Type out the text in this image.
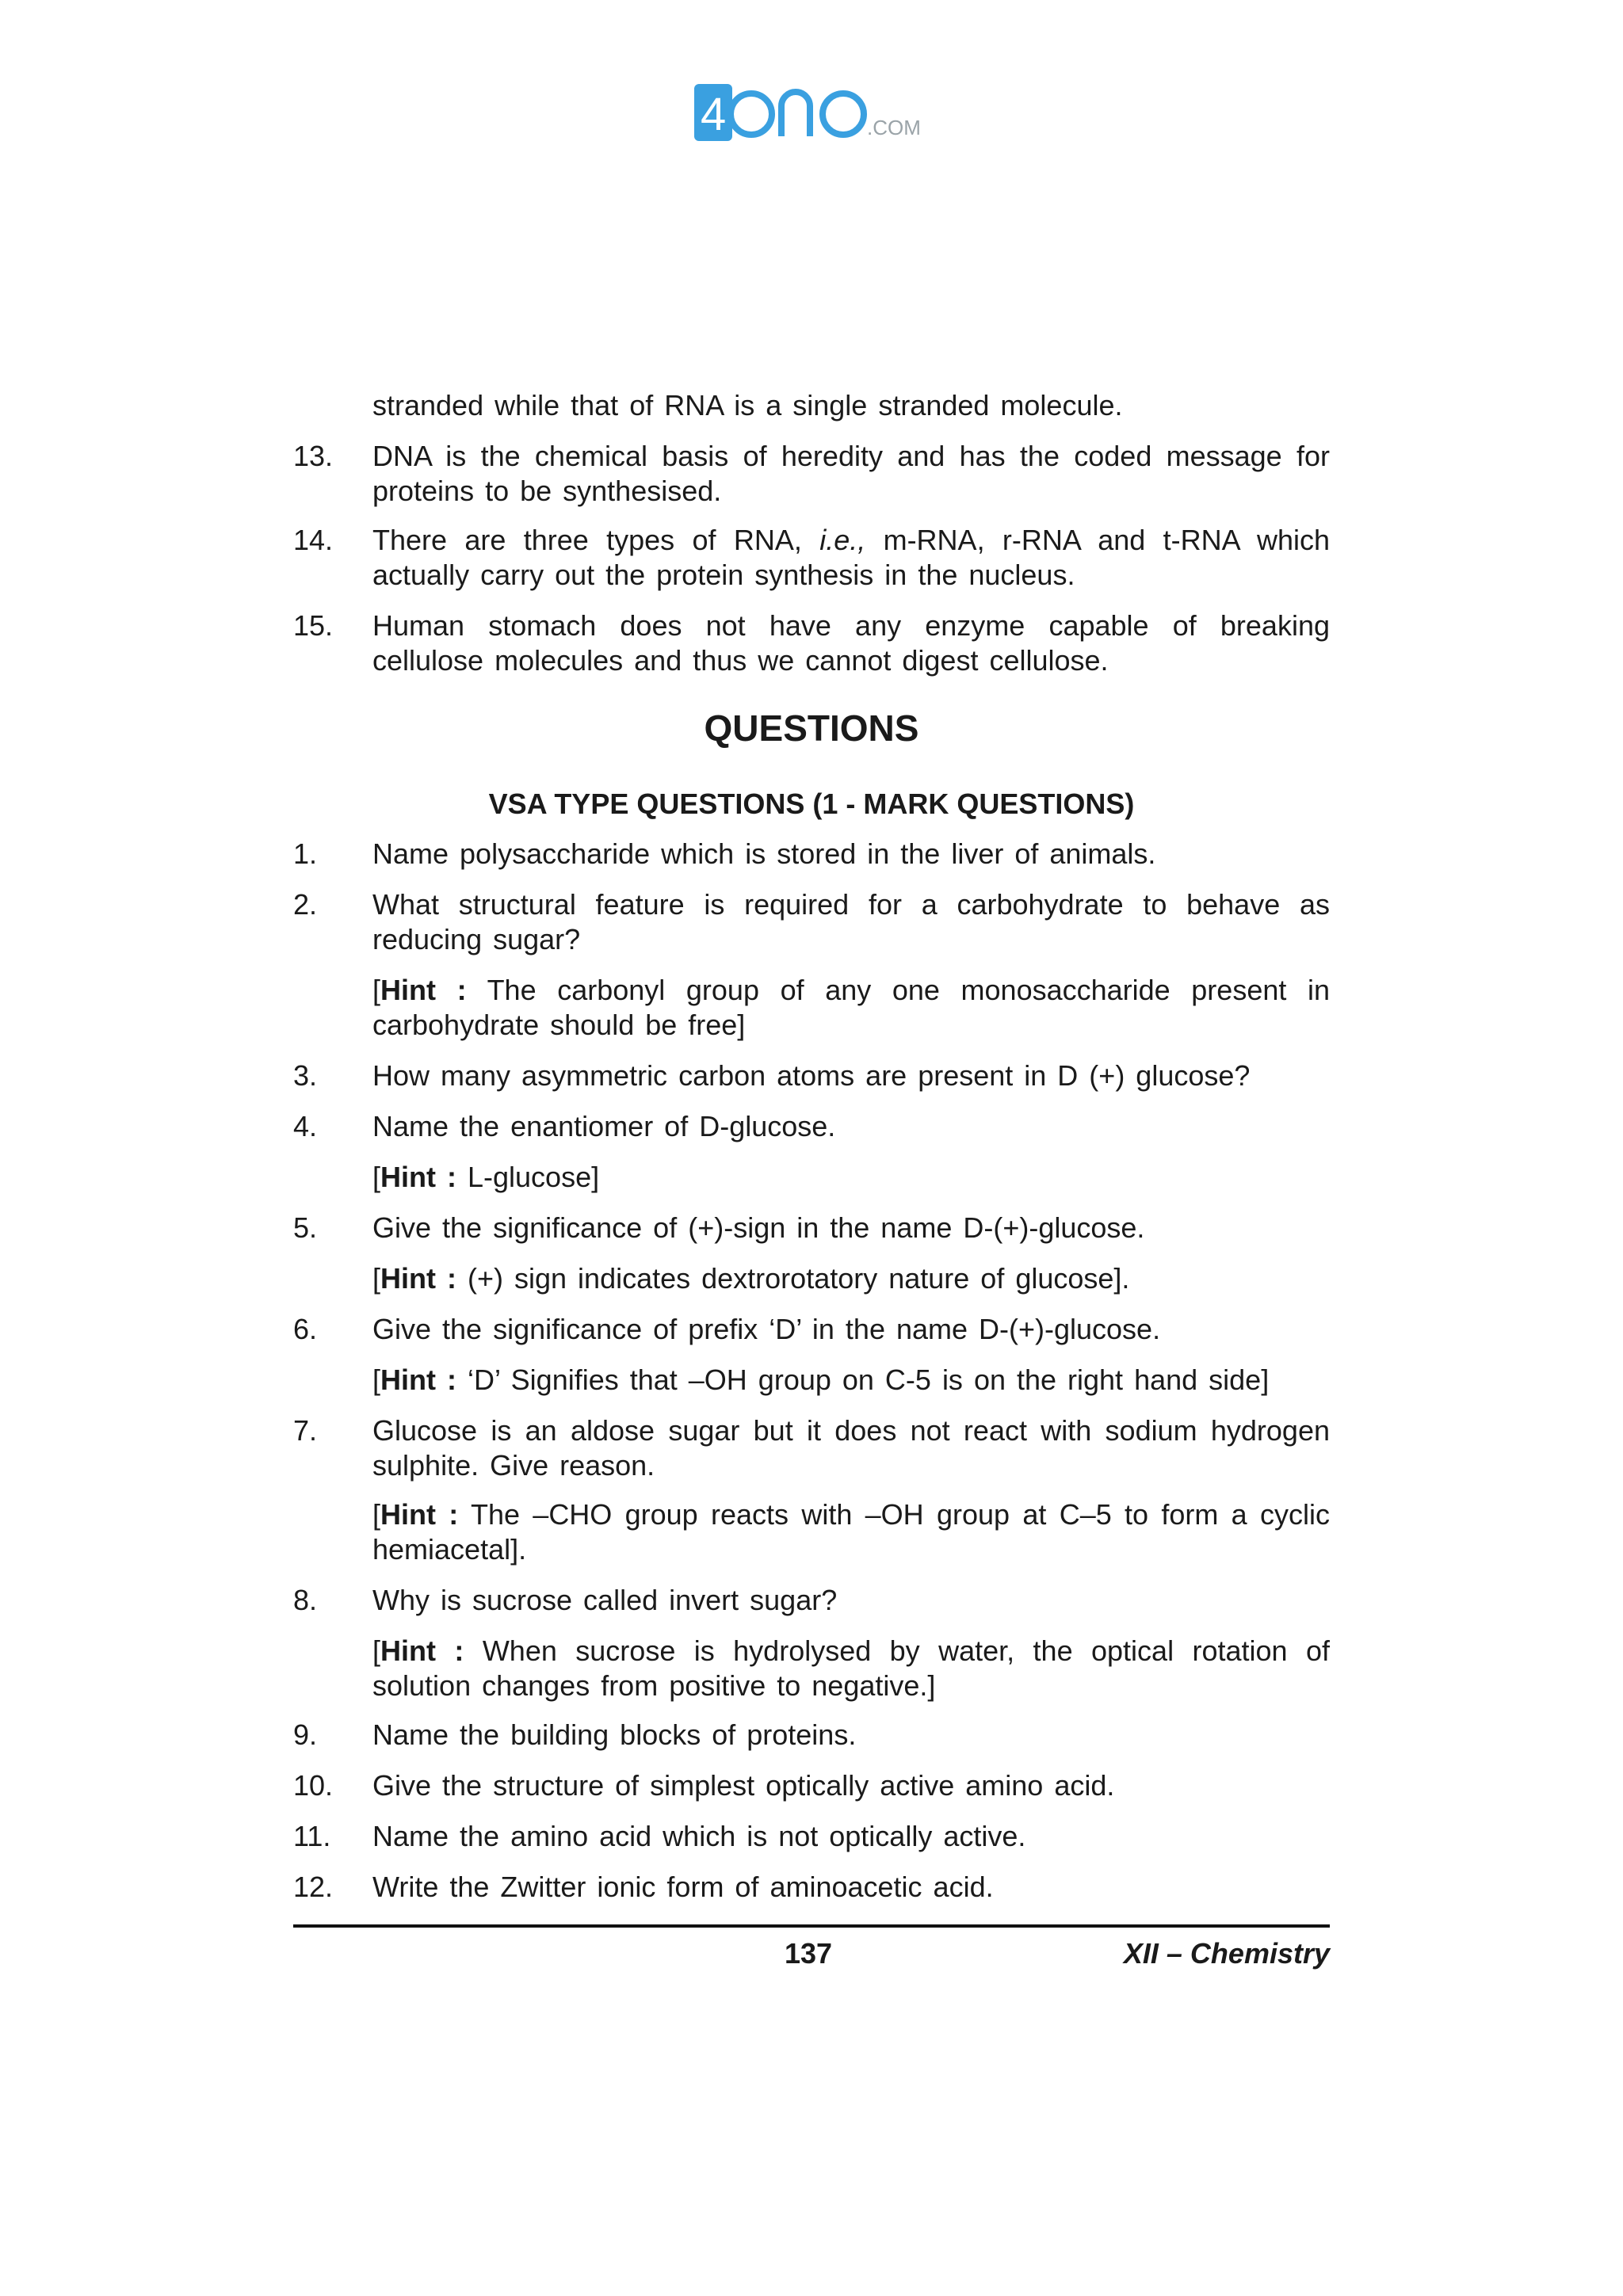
4	.COM
stranded while that of RNA is a single stranded molecule.
13. DNA is the chemical basis of heredity and has the coded message for proteins to be synthesised.
14. There are three types of RNA, i.e., m-RNA, r-RNA and t-RNA which actually carry out the protein synthesis in the nucleus.
15. Human stomach does not have any enzyme capable of breaking cellulose molecules and thus we cannot digest cellulose.
QUESTIONS
VSA TYPE QUESTIONS (1 - MARK QUESTIONS)
1. Name polysaccharide which is stored in the liver of animals.
2. What structural feature is required for a carbohydrate to behave as reducing sugar?
[Hint : The carbonyl group of any one monosaccharide present in carbohydrate should be free]
3. How many asymmetric carbon atoms are present in D (+) glucose?
4. Name the enantiomer of D-glucose.
[Hint : L-glucose]
5. Give the significance of (+)-sign in the name D-(+)-glucose.
[Hint : (+) sign indicates dextrorotatory nature of glucose].
6. Give the significance of prefix ‘D’ in the name D-(+)-glucose.
[Hint : ‘D’ Signifies that –OH group on C-5 is on the right hand side]
7. Glucose is an aldose sugar but it does not react with sodium hydrogen sulphite. Give reason.
[Hint : The –CHO group reacts with –OH group at C–5 to form a cyclic hemiacetal].
8. Why is sucrose called invert sugar?
[Hint : When sucrose is hydrolysed by water, the optical rotation of solution changes from positive to negative.]
9. Name the building blocks of proteins.
10. Give the structure of simplest optically active amino acid.
11. Name the amino acid which is not optically active.
12. Write the Zwitter ionic form of aminoacetic acid.
137	XII – Chemistry
